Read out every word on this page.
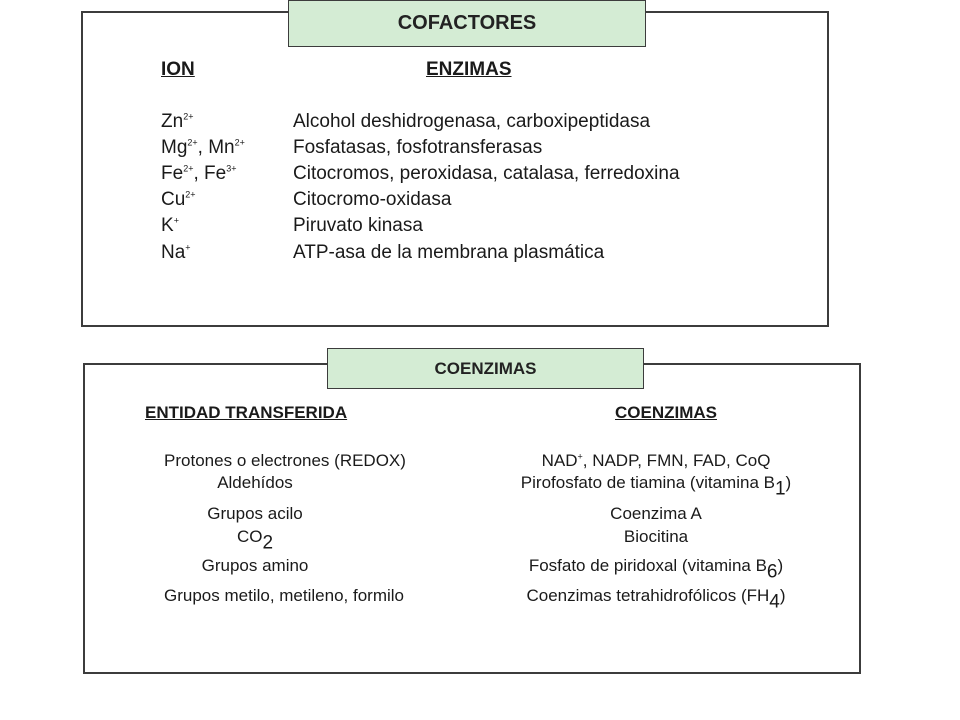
COFACTORES
ION	ENZIMAS
$Zn^{2+}$	Alcohol deshidrogenasa, carboxipeptidasa
$Mg^{2+}$, $Mn^{2+}$	Fosfatasas, fosfotransferasas
$Fe^{2+}$, $Fe^{3+}$	Citocromos, peroxidasa, catalasa, ferredoxina
$Cu^{2+}$	Citocromo-oxidasa
K+	Piruvato kinasa
Na+	ATP-asa de la membrana plasmática
COENZIMAS
ENTIDAD TRANSFERIDA	COENZIMAS
Protones o electrones (REDOX)	NAD+, NADP, FMN, FAD, CoQ
Aldehídos	Pirofosfato de tiamina (vitamina B1)
Grupos acilo	Coenzima A
CO2	Biocitina
Grupos amino	Fosfato de piridoxal (vitamina B6)
Grupos metilo, metileno, formilo	Coenzimas tetrahidrofólicos (FH4)
